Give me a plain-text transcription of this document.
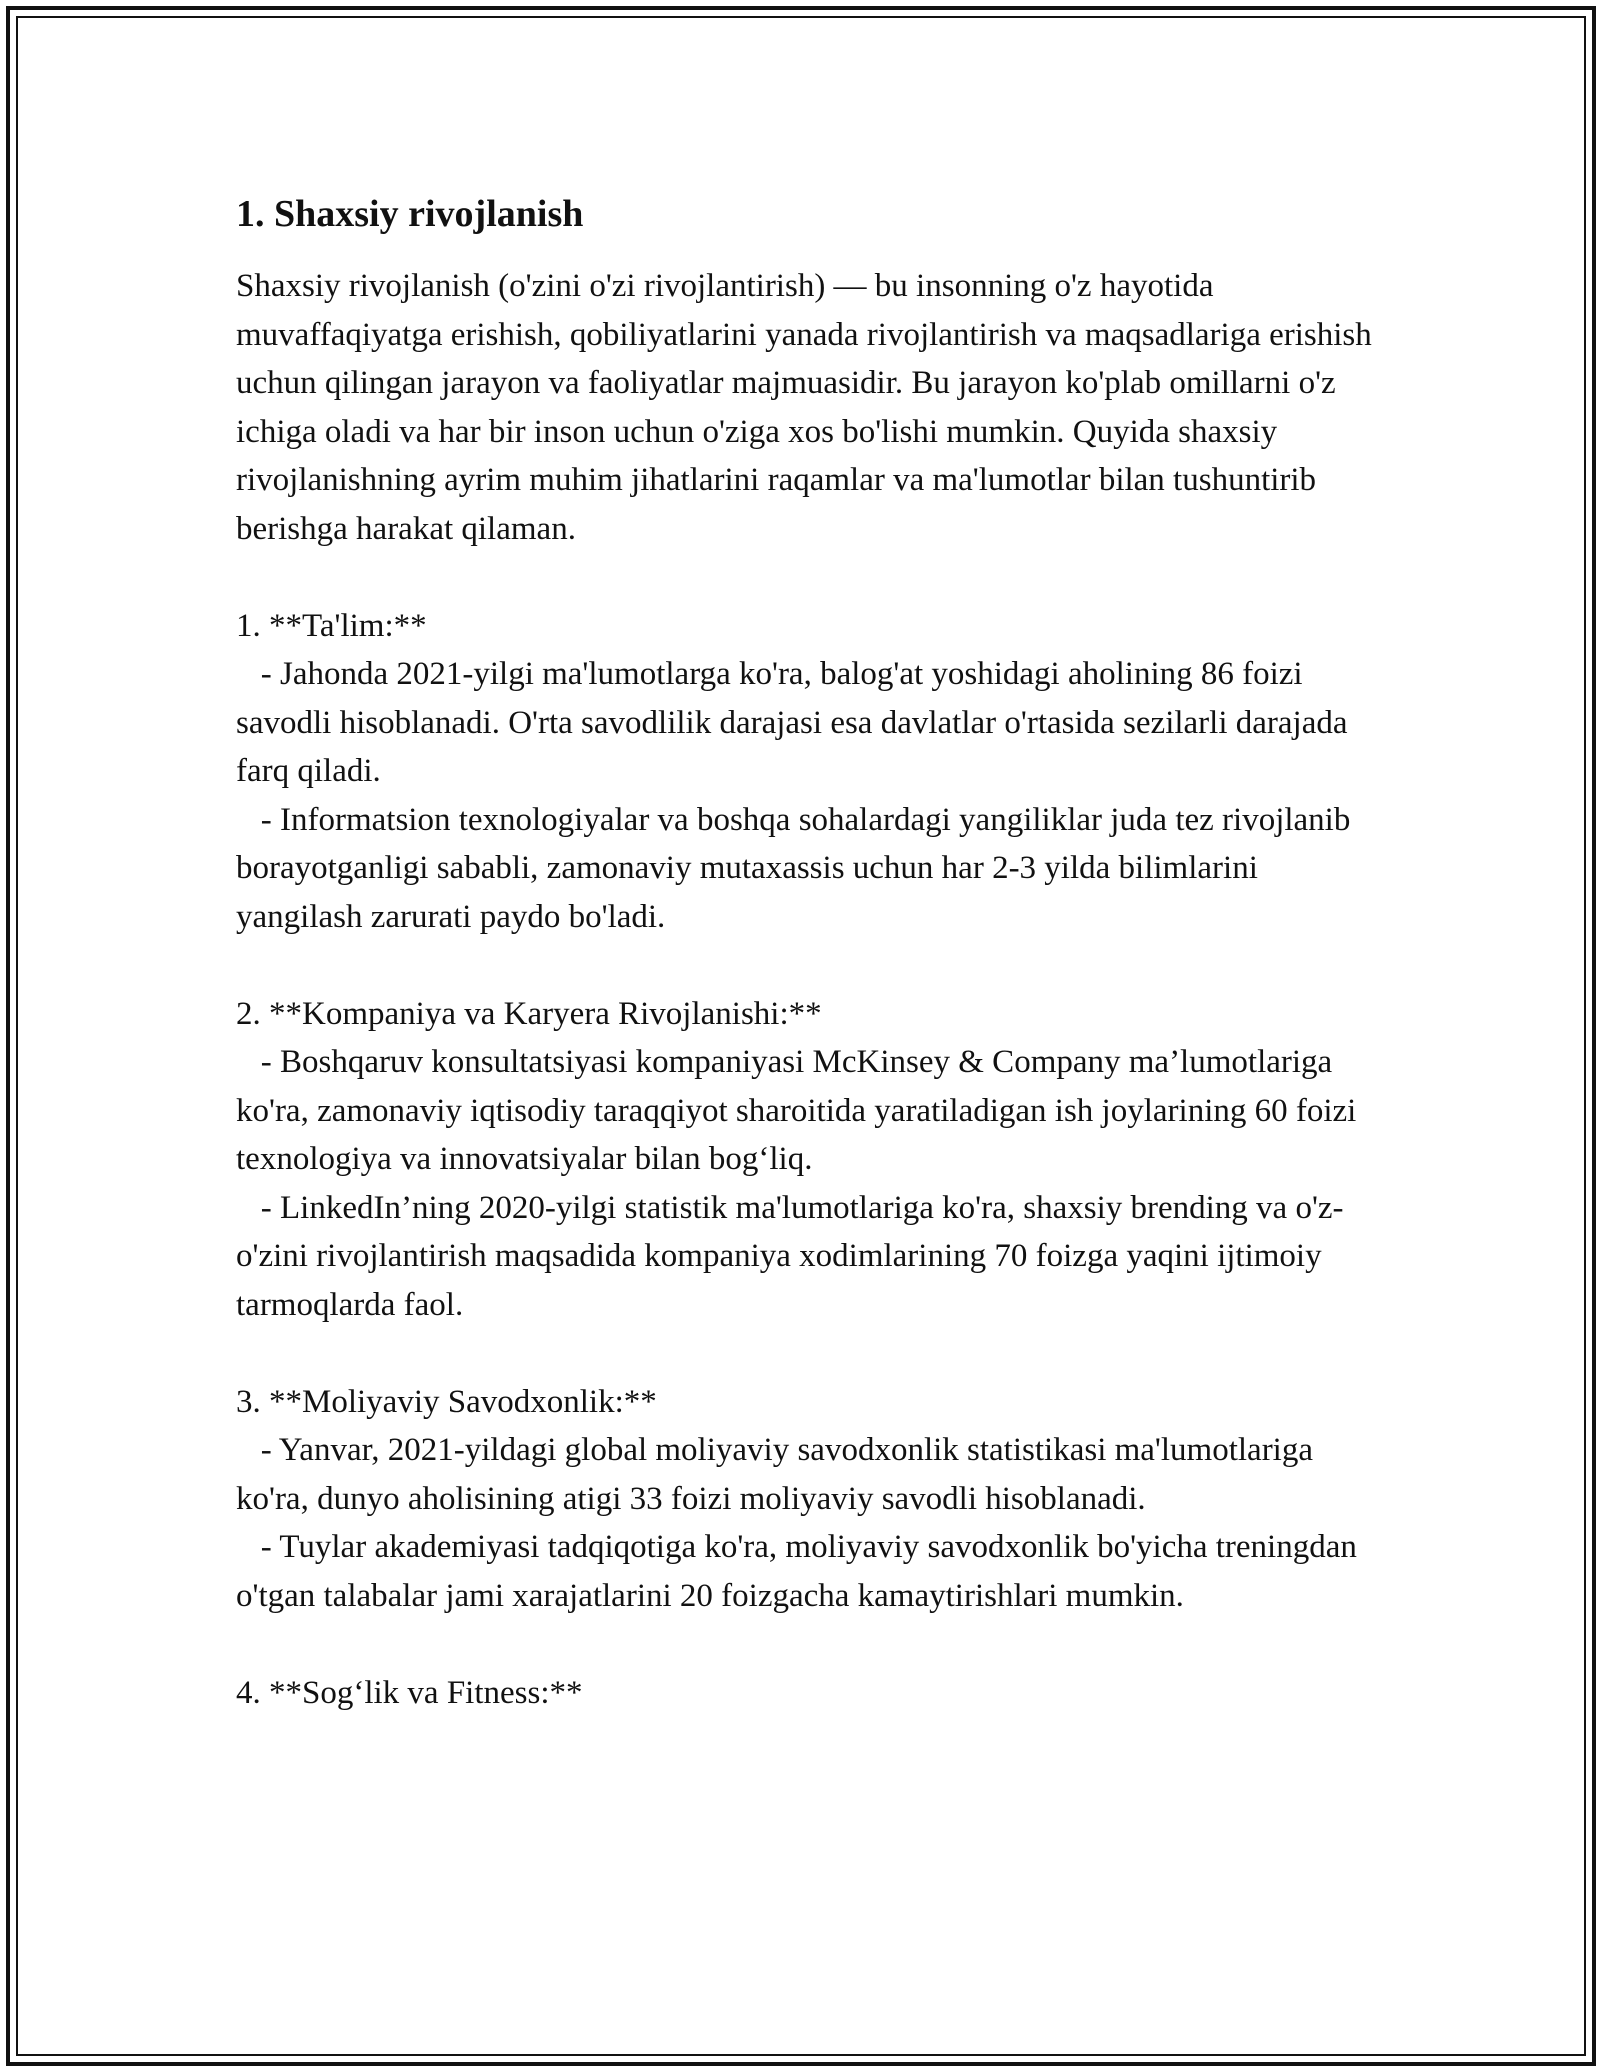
1. Shaxsiy rivojlanish

Shaxsiy rivojlanish (o'zini o'zi rivojlantirish) — bu insonning o'z hayotida muvaffaqiyatga erishish, qobiliyatlarini yanada rivojlantirish va maqsadlariga erishish uchun qilingan jarayon va faoliyatlar majmuasidir. Bu jarayon ko'plab omillarni o'z ichiga oladi va har bir inson uchun o'ziga xos bo'lishi mumkin. Quyida shaxsiy rivojlanishning ayrim muhim jihatlarini raqamlar va ma'lumotlar bilan tushuntirib berishga harakat qilaman.

1. **Ta'lim:**
- Jahonda 2021-yilgi ma'lumotlarga ko'ra, balog'at yoshidagi aholining 86 foizi savodli hisoblanadi. O'rta savodlilik darajasi esa davlatlar o'rtasida sezilarli darajada farq qiladi.
- Informatsion texnologiyalar va boshqa sohalardagi yangiliklar juda tez rivojlanib borayotganligi sababli, zamonaviy mutaxassis uchun har 2-3 yilda bilimlarini yangilash zarurati paydo bo'ladi.
2. **Kompaniya va Karyera Rivojlanishi:**
- Boshqaruv konsultatsiyasi kompaniyasi McKinsey & Company ma’lumotlariga ko'ra, zamonaviy iqtisodiy taraqqiyot sharoitida yaratiladigan ish joylarining 60 foizi texnologiya va innovatsiyalar bilan bog‘liq.
- LinkedIn’ning 2020-yilgi statistik ma'lumotlariga ko'ra, shaxsiy brending va o'z-o'zini rivojlantirish maqsadida kompaniya xodimlarining 70 foizga yaqini ijtimoiy tarmoqlarda faol.
3. **Moliyaviy Savodxonlik:**
- Yanvar, 2021-yildagi global moliyaviy savodxonlik statistikasi ma'lumotlariga ko'ra, dunyo aholisining atigi 33 foizi moliyaviy savodli hisoblanadi.
- Tuylar akademiyasi tadqiqotiga ko'ra, moliyaviy savodxonlik bo'yicha treningdan o'tgan talabalar jami xarajatlarini 20 foizgacha kamaytirishlari mumkin.
4. **Sog‘lik va Fitness:**
